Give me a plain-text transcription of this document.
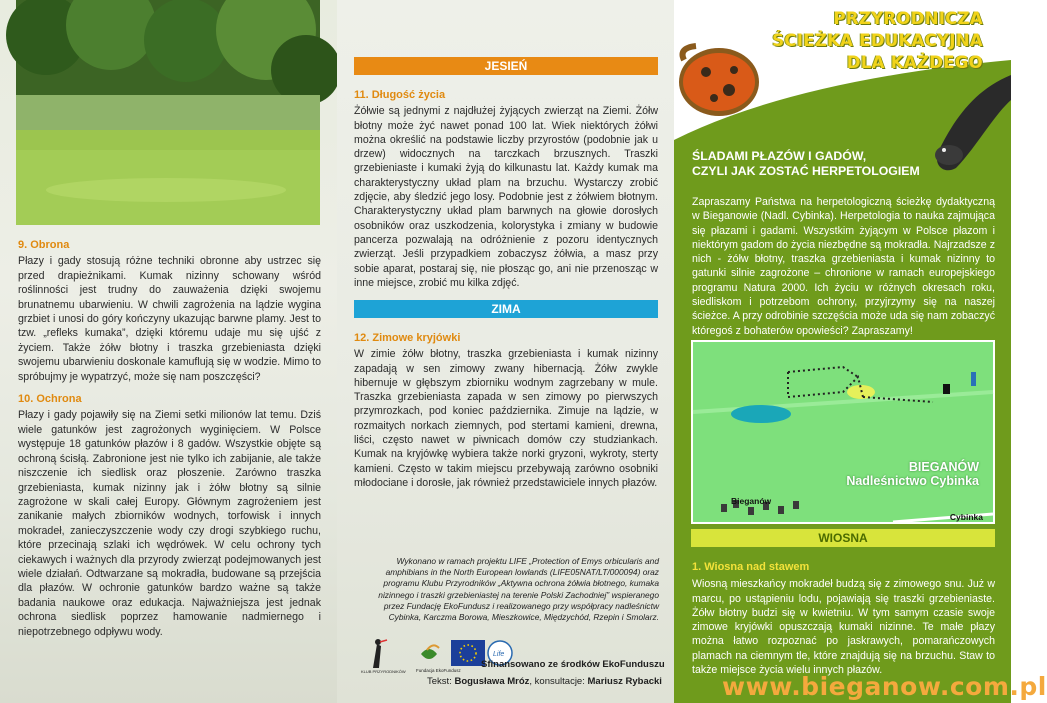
9. Obrona

Płazy i gady stosują różne techniki obronne aby ustrzec się przed drapieżnikami. Kumak nizinny schowany wśród roślinności jest trudny do zauważenia dzięki swojemu brunatnemu ubarwieniu. W chwili zagrożenia na lądzie wygina grzbiet i unosi do góry kończyny ukazując barwne plamy. Jest to tzw. „refleks kumaka”, dzięki któremu udaje mu się ujść z życiem. Także żółw błotny i traszka grzebieniasta dzięki swojemu ubarwieniu doskonale kamuflują się w wodzie. Mimo to spróbujmy je wypatrzyć, może się nam poszczęści?

10. Ochrona

Płazy i gady pojawiły się na Ziemi setki milionów lat temu. Dziś wiele gatunków jest zagrożonych wyginięciem. W Polsce występuje 18 gatunków płazów i 8 gadów. Wszystkie objęte są ochroną ścisłą. Zabronione jest nie tylko ich zabijanie, ale także niszczenie ich siedlisk oraz płoszenie. Zarówno traszka grzebieniasta, kumak nizinny jak i żółw błotny są silnie zagrożone w skali całej Europy. Głównym zagrożeniem jest zanikanie małych zbiorników wodnych, torfowisk i innych mokradeł, zanieczyszczenie wody czy drogi szybkiego ruchu, które przecinają szlaki ich wędrówek. W celu ochrony tych ciekawych i ważnych dla przyrody zwierząt podejmowanych jest wiele działań. Odtwarzane są mokradła, budowane są przejścia dla płazów. W ochronie gatunków bardzo ważne są także badania naukowe oraz edukacja. Najważniejsza jest jednak ochrona siedlisk poprzez hamowanie nadmiernego i niepotrzebnego odpływu wody.

JESIEŃ
11. Długość życia

Żółwie są jednymi z najdłużej żyjących zwierząt na Ziemi. Żółw błotny może żyć nawet ponad 100 lat. Wiek niektórych żółwi można określić na podstawie liczby przyrostów (podobnie jak u drzew) widocznych na tarczkach brzusznych. Traszki grzebieniaste i kumaki żyją do kilkunastu lat. Każdy kumak ma charakterystyczny układ plam na brzuchu. Wystarczy zrobić zdjęcie, aby śledzić jego losy. Podobnie jest z żółwiem błotnym. Charakterystyczny układ plam barwnych na głowie dorosłych osobników oraz uszkodzenia, kolorystyka i zmiany w budowie pancerza pozwalają na odróżnienie z pozoru identycznych zwierząt. Jeśli przypadkiem zobaczysz żółwia, a masz przy sobie aparat, postaraj się, nie płosząc go, ani nie przenosząc w inne miejsce, zrobić mu kilka zdjęć.

ZIMA
12. Zimowe kryjówki

W zimie żółw błotny, traszka grzebieniasta i kumak nizinny zapadają w sen zimowy zwany hibernacją. Żółw zwykle hibernuje w głębszym zbiorniku wodnym zagrzebany w mule. Traszka grzebieniasta zapada w sen zimowy po pierwszych przymrozkach, pod koniec października. Zimuje na lądzie, w rozmaitych norkach ziemnych, pod stertami kamieni, drewna, liści, często nawet w piwnicach domów czy studziankach. Kumak na kryjówkę wybiera także norki gryzoni, wykroty, sterty kamieni. Często w takim miejscu przebywają zarówno osobniki młodociane i dorosłe, jak również przedstawiciele innych płazów.

Wykonano w ramach projektu LIFE „Protection of Emys orbicularis and amphibians in the North European lowlands (LIFE05NAT/LT/000094) oraz programu Klubu Przyrodników „Aktywna ochrona żółwia błotnego, kumaka nizinnego i traszki grzebieniastej na terenie Polski Zachodniej” wspieranego przez Fundację EkoFundusz i realizowanego przy współpracy nadleśnictw Cybinka, Karczma Borowa, Mieszkowice, Międzychód, Rzepin i Smolarz.
KLUB PRZYRODNIKÓW Fundacja EkoFundusz
Life
Sfinansowano ze środków EkoFunduszu
Tekst: Bogusława Mróz, konsultacje: Mariusz Rybacki
PRZYRODNICZA
ŚCIEŻKA EDUKACYJNA
DLA KAŻDEGO
ŚLADAMI PŁAZÓW I GADÓW,
CZYLI JAK ZOSTAĆ HERPETOLOGIEM
Zapraszamy Państwa na herpetologiczną ścieżkę dydaktyczną w Bieganowie (Nadl. Cybinka). Herpetologia to nauka zajmująca się płazami i gadami. Wszystkim żyjącym w Polsce płazom i niektórym gadom do życia niezbędne są mokradła. Najrzadsze z nich - żółw błotny, traszka grzebieniasta i kumak nizinny to gatunki silnie zagrożone – chronione w ramach europejskiego programu Natura 2000. Ich życiu w różnych okresach roku, siedliskom i potrzebom ochrony, przyjrzymy się na naszej ścieżce. A przy odrobinie szczęścia może uda się nam zobaczyć któregoś z bohaterów opowieści? Zapraszamy!
BIEGANÓW
Nadleśnictwo Cybinka
Bieganów
Cybinka
WIOSNA
1. Wiosna nad stawem

Wiosną mieszkańcy mokradeł budzą się z zimowego snu. Już w marcu, po ustąpieniu lodu, pojawiają się traszki grzebieniaste. Żółw błotny budzi się w kwietniu. W tym samym czasie swoje zimowe kryjówki opuszczają kumaki nizinne. Te małe płazy można łatwo rozpoznać po jaskrawych, pomarańczowych plamach na ciemnym tle, które znajdują się na brzuchu. Staw to także miejsce życia wielu innych płazów.

www.bieganow.com.pl
